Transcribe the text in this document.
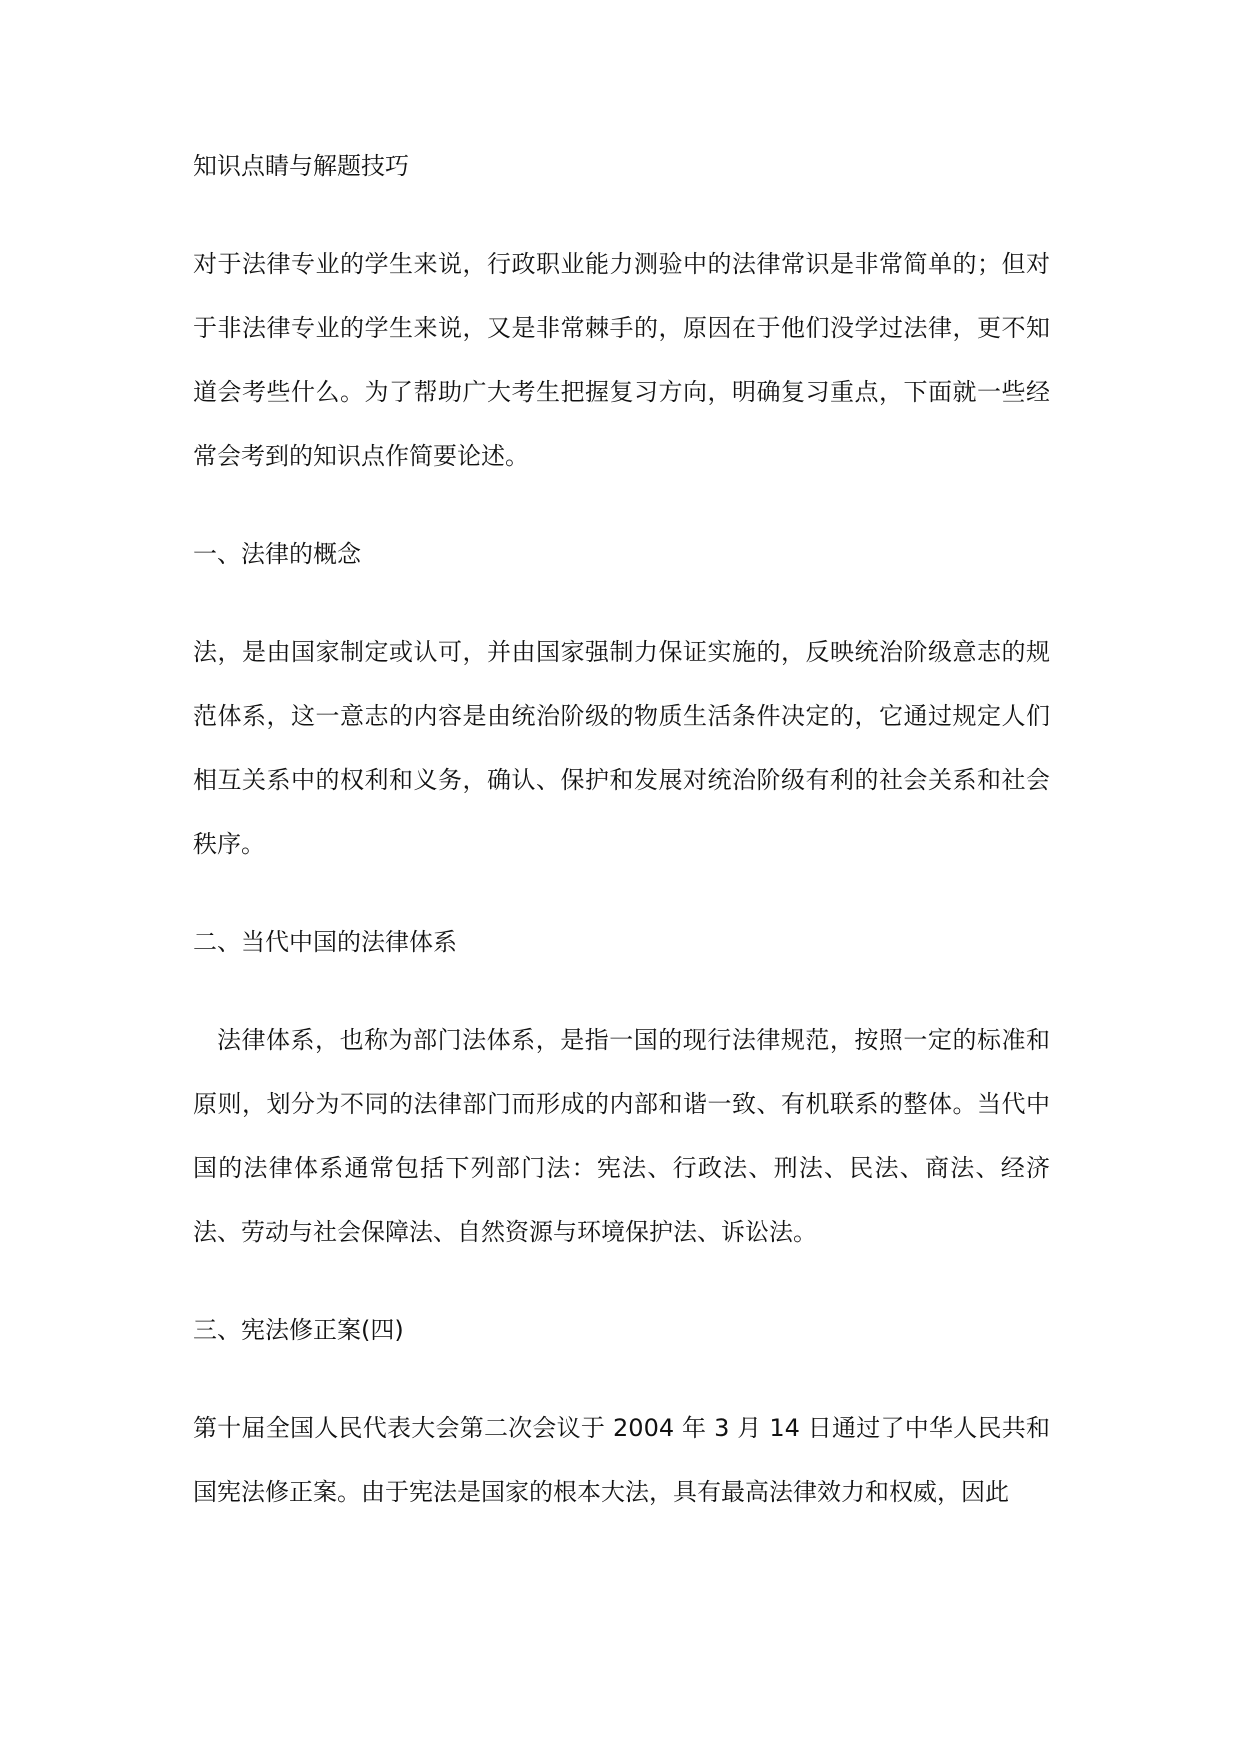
知识点睛与解题技巧

对于法律专业的学生来说，行政职业能力测验中的法律常识是非常简单的；但对于非法律专业的学生来说，又是非常棘手的，原因在于他们没学过法律，更不知道会考些什么。为了帮助广大考生把握复习方向，明确复习重点，下面就一些经常会考到的知识点作简要论述。

一、法律的概念

法，是由国家制定或认可，并由国家强制力保证实施的，反映统治阶级意志的规范体系，这一意志的内容是由统治阶级的物质生活条件决定的，它通过规定人们相互关系中的权利和义务，确认、保护和发展对统治阶级有利的社会关系和社会秩序。

二、当代中国的法律体系

法律体系，也称为部门法体系，是指一国的现行法律规范，按照一定的标准和原则，划分为不同的法律部门而形成的内部和谐一致、有机联系的整体。当代中国的法律体系通常包括下列部门法：宪法、行政法、刑法、民法、商法、经济法、劳动与社会保障法、自然资源与环境保护法、诉讼法。

三、宪法修正案(四)

第十届全国人民代表大会第二次会议于 2004 年 3 月 14 日通过了中华人民共和国宪法修正案。由于宪法是国家的根本大法，具有最高法律效力和权威，因此
